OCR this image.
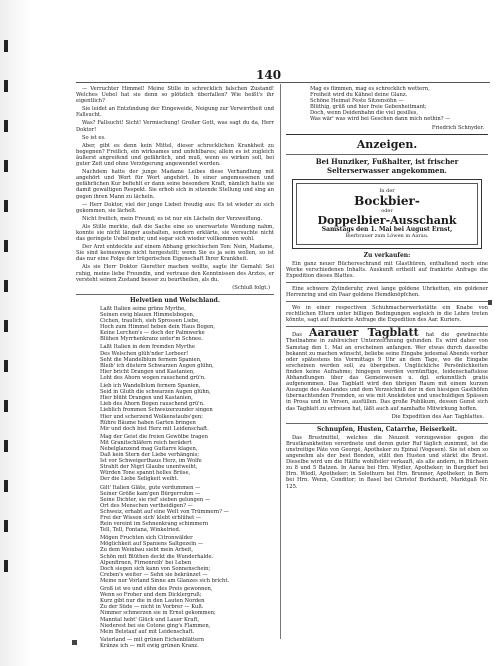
140

— Verruchter Himmel! Meine Stille in schrecklich falschen Zustand! Welches Uebel hat sie denn so plötzlich überfallen? Wie heißt's ihr eigentlich?

Sie leidet an Entzündung der Eingeweide, Neigung zur Verwirrtheit und Fallsucht.

Was? Fallsucht! Sicht! Vermischung! Großer Gott, was sagt du da, Herr Doktor!

So ist es.

Aber, gibt es denn kein Mittel, dieser schrecklichen Krankheit zu begegnen? Freilich, ein wirksames und unfehlbares; allein es ist zugleich äußerst angreifend und gefährlich, und muß, wenn es wirken soll, bei guter Zeit und ohne Verzögerung angewendet werden.

Nachdem hatte der junge Madame Leibes diese Verhandlung mit angehört und Wort für Wort angehört. In einer angemessenen und gefährlichen Kur befiehlt er dann seine besondere Kraft, nämlich hatte sie damit gewaltigen Respekt. Sie erhob sich in sitzende Stellung und sing an gegen ihren Mann zu lächeln.

— Herr Doktor, viel der junge Liebet freudig aus: Es ist wieder zu sich gekommen, sie lächelt.

Nicht freilich, mein Freund; es ist nur ein Lächeln der Verzweiflung.

Als Stille merkte, daß die Sache eine so unerwartete Wendung nahm, konnte sie nicht länger aushalten, sondern erklärte, sie versuchte nicht das geringste Uebel mehr, und sogar sich wieder vollkommen wohl.

Der Arzt entdeckte auf einem Abhang griechischen Ton: Nein, Madame, Sie sind keineswegs nicht hergestellt; wenn Sie es ja sein wollen, so ist das nur eine Folge der trügerischen Eigenschaft Ihrer Krankheit.

Als sie Herr Doktor Gieretter machen wollte, sagte ihr Gemahl: Sei ruhig, meine liebe Freundin, und vertraue den Kenntnissen des Arztes, er versteht seinen Zustand besser zu beurtheilen, als du.

(Schluß folgt.)
Helvetien und Welschland.
Laßt Italien seine grüne Myrthe,
Seinen ewig blauen Himmelsbogen,
Cichen, traulich, sieh Sprossen Liebe,
Hoch zum Himmel heben dein Haus Bogen,
Keine Lerchen's — doch der Palmwerke
Blühen Myrrhenkranz unter'm Schnee.
Laßt Italien in dem fremden Myrthe
Des Welschen glüh'nder Lorbeer!
Seht die Mandelblum fernem Spanien,
Bleib' ich düstern Schwarzen Augen glühn,
Hier bricht Drangen und Kastanien,
Loht des Ahorn wogen rauschend grü'n.
Lieb ich Wandelblum fernem Spanien,
Seid in Gluth die schwarzen Augen glühn,
Hier blüht Drangen und Kastanien,
Lieb des Ahorn Bogen rauschend grü'n.
Lieblich frommen Schweizerzunder singen
Hier und scherzend Wolkenstaubs'gen;
Rühre Bäume haben Garten bringen
Mir und doch bist Herz mit Leidenschaft.
Mag der Geist die freien Gewölbe tragen
Mit Granitschläfern reich berädert
Nebelglanzend mag Guitarre klagen,
Daß kein Stern der Liebe verhängnis;
Ist vor Schweigerthaus Herz, im Wolfe
Strahlt der Nigrl Glaube unentweiht,
Würden Tone spannt helles Brüse,
Der die Liebe Seligkeit weiht.
Gilt' Italien Gläte, gute verdummen —
Seiner Größe kam'gen Bürgerruhm —
Seine Dichter, sie rief' sieben gelungen —
Ort des Menschen vertheidigen? —
Schweiz, erhabt auf eine Welt von Trümmern? —
Frei der Wissen sich' klebt erblühet —
Rein vereint im Sehnenkrang schimmern
Tell, Tell, Fontana, Winkelried.
Mögen Fruchten sich Citronwälder
Möglichkeit auf Spaniens Saltgezeln —
Zu dem Weinbau siebt mein Arbeit,
Schön mit Blüthen deckt die Wunderhalde.
Alpenfirnen, Firnenreih' bei Leben
Doch siegen sich kann von Sonnenschein;
Creben's weiter — Sehn sie bekränzet —
Meine nur Vorland Sinne am Glanzes sich bricht.
Groß ist wo und sühn des Preis gewonnen,
Wenn so Froher und dem Dicklergruß;
Kurz gibt nur die in den Lauten Norden
Zu der Süde — nicht in Vorbrer — Kuß.
Nimmer schmerzen sie in Ernst gekommen;
Manntal hebt' Glück und Lauer Kraft,
Niederest bei sie Cotone ging's Flammen,
Mein Belstauf auf mit Leidenschaft.
Vaterland — mit grünen Eichenblättern
Kränze ich — mit ewig grünen Kranz.
Mag es flimmen, mag es schrecklich wettern,
Freiheit wird du Kähnel deine Glanz.
Schöne Heimat Feste Sitzensöhn —
Blüthig, grüß und hier freie Gebenheitmant;
Doch, wenn Deidenbahn die viel gesilles,
Was wär' was wird bei Geschen dann mich nethin? —
Friedrich Schnyder.
Anzeigen.
Bei Hunziker, Fußhalter, ist frischer Selterserwasser angekommen.
In der
Bockbier-
oder
Doppelbier-Ausschank
Samstags den 1. Mai bei August Ernst,
Bierbrauer zum Löwen in Aarau.
Zu verkaufen:

Ein ganz neuer Büchereschrand mit Glasthüren, enthaltend noch eine Werke verschiedenen Inhalts. Auskunft ertheilt auf frankirte Anfrage die Expedition dieses Blattes.

Eine schwere Zylinderuhr, zwei lange goldene Uhrketten, ein goldener Herrenring und ein Paar goldene Hemdknöpfchen.

Wo in einer respectiven Schuhmacherwerkstätte ein Knabe von rechtlichen Eltern unter billigen Bedingungen sogleich in die Lehre treten könnte, sagt auf frankirte Anfrage die Expedition des Aar. Kuriers.

Das Aarauer Tagblatt hat die gewünschte Theilnahme in zahlreicher Unterzeichnung gefunden. Es wird daher von Samstag den 1. Mai an erscheinen anfangen. Wer etwas durch dasselbe bekannt zu machen wünscht, beliebe seine Eingabe jedesmal Abends vorher oder spätestens bis Vormittags 9 Uhr an dem Tage, wo die Eingabe erscheinen werden soll, zu übergeben. Unglückliche Persönlichkeiten finden keine Aufnahme; hingegen werden vernünftige, leidenschaftslose Abhandlungen über das Gemeinwesen u. dgl. erkenntlich gratis aufgenommen. Das Tagblatt wird den übrigen Raum mit einem kurzen Auszuge des Auslandes und dem Verzeichniß der in den hiesigen Gasthöfen übernachtenden Fremden, so wie mit Anekdoten und unschuldigen Spässen in Prosa und in Versen, ausfüllen. Das große Publikum, dessen Gunst sich das Tagblatt zu erfreuen hat, läßt auch auf namhafte Mitwirkung hoffen.

Die Expedition des Aar. Tagblattes.
Schnupfen, Husten, Catarrhe, Heiserkeit.

Das Brustmittel, welches die Neuzeit vorzugsweise gegen die Brustkrankheiten verordnete und deren guter Ruf täglich zunimmt, ist die unstreitige Pâte von Georgé, Apotheker zu Epinal (Vogesen). Sie ist eben so angenehm als der best Bondon, stillt den Husten und stärkt die Brust. Dieselbe wird um die Hälfte wohlfeiler verkauft, als alle andern, in Büchsen zu 8 und 5 Batzen. In Aarau bei Hrn. Wydler, Apotheker; in Burgdorf bei Hrn. Wiedl, Apotheker; in Solothurn bei Hrn. Brunner, Apotheker; in Bern bei Hrn. Wenn, Conditor; in Basel bei Christof Burkhardt, Marktgaß Nr. 125.
